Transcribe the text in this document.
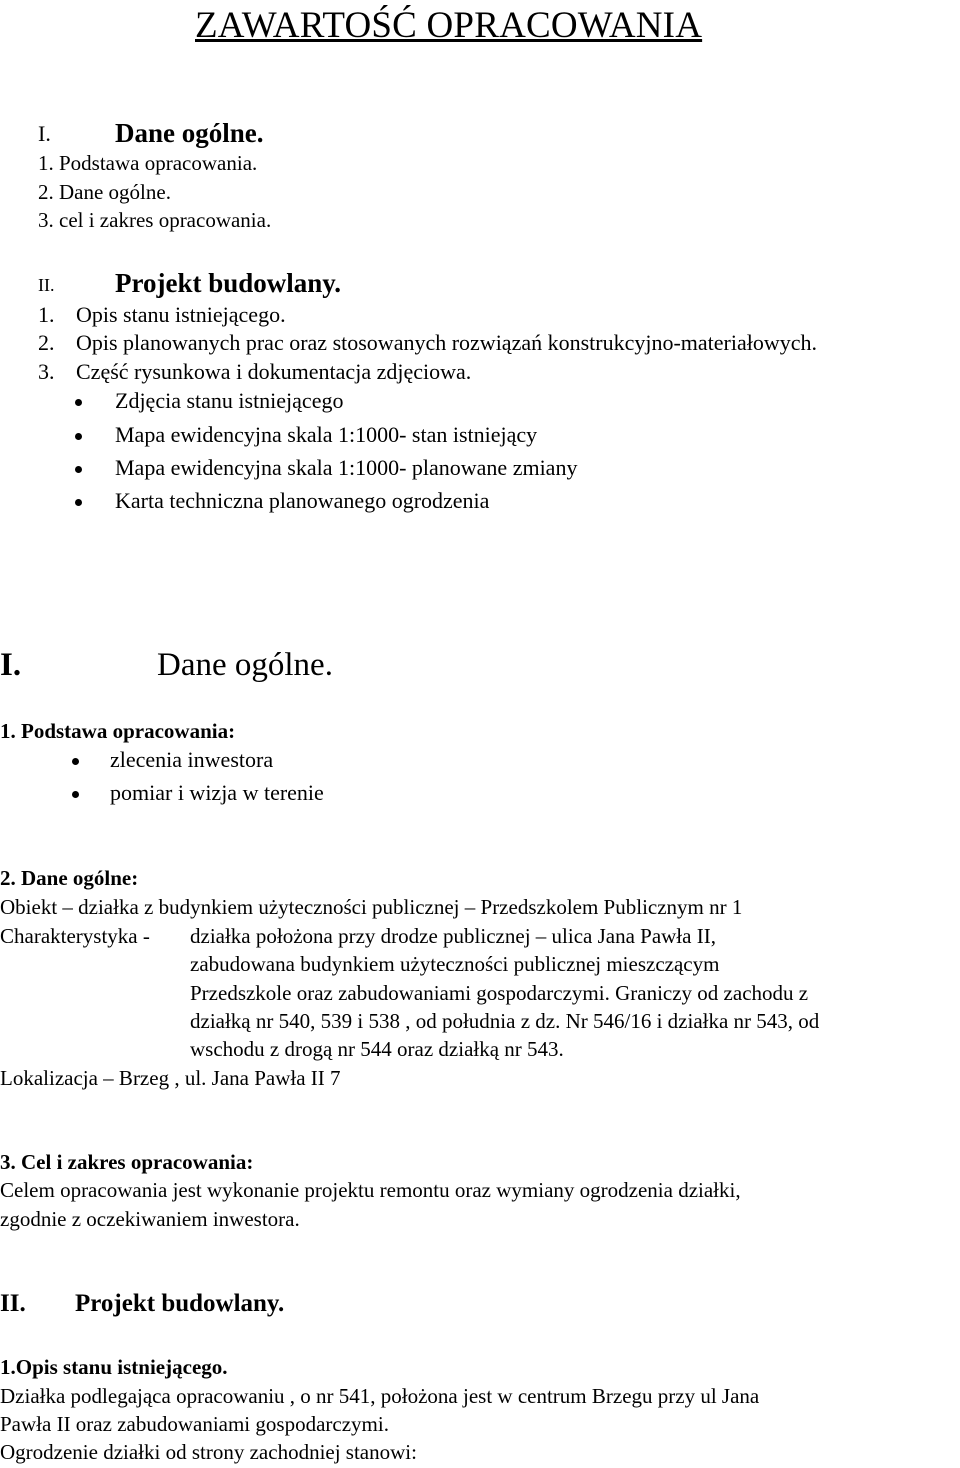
ZAWARTOŚĆ OPRACOWANIA
I. Dane ogólne.
1. Podstawa opracowania.
2. Dane ogólne.
3. cel i zakres opracowania.
II. Projekt budowlany.
1. Opis stanu istniejącego.
2. Opis planowanych prac oraz stosowanych rozwiązań konstrukcyjno-materiałowych.
3. Część rysunkowa i dokumentacja zdjęciowa.
Zdjęcia stanu istniejącego
Mapa ewidencyjna skala 1:1000- stan istniejący
Mapa ewidencyjna skala 1:1000- planowane zmiany
Karta techniczna planowanego ogrodzenia
I.	Dane ogólne.
1. Podstawa opracowania:
zlecenia inwestora
pomiar i wizja w terenie
2. Dane ogólne:
Obiekt – działka z budynkiem użyteczności publicznej – Przedszkolem Publicznym nr 1
Charakterystyka - działka położona przy drodze publicznej – ulica Jana Pawła II,
zabudowana budynkiem użyteczności publicznej mieszczącym
Przedszkole oraz zabudowaniami gospodarczymi. Graniczy od zachodu z
działką nr 540, 539 i 538 , od południa z dz. Nr 546/16 i działka nr 543, od
wschodu z drogą nr 544 oraz działką nr 543.
Lokalizacja – Brzeg , ul. Jana Pawła II 7
3. Cel i zakres opracowania:
Celem opracowania jest wykonanie projektu remontu oraz wymiany ogrodzenia działki,
zgodnie z oczekiwaniem inwestora.
II. Projekt budowlany.
1.Opis stanu istniejącego.
Działka podlegająca opracowaniu , o nr 541, położona jest w centrum Brzegu przy ul Jana
Pawła II oraz zabudowaniami gospodarczymi.
Ogrodzenie działki od strony zachodniej stanowi:
